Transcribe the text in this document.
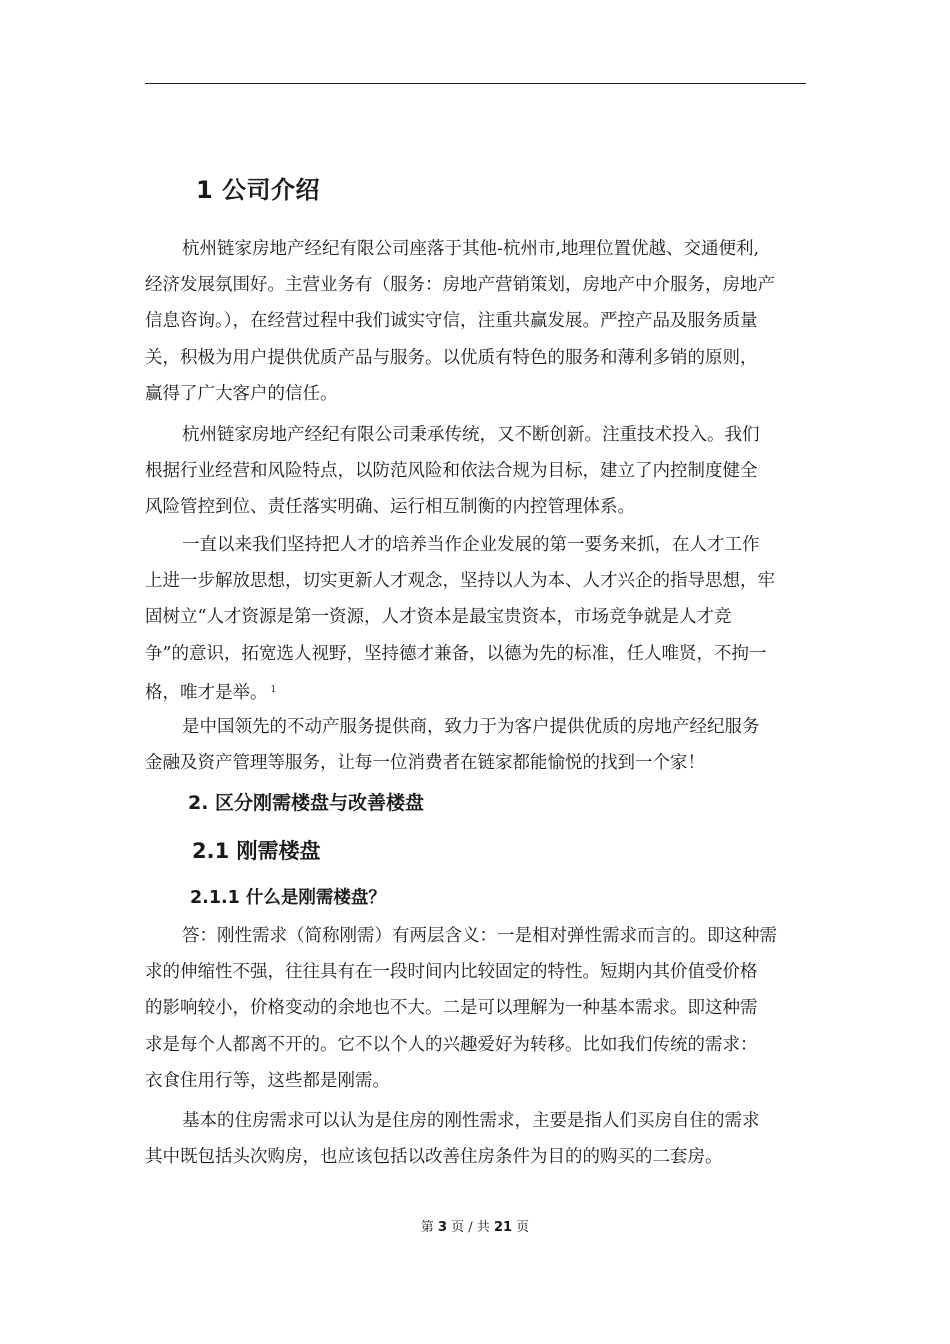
1 公司介绍
杭州链家房地产经纪有限公司座落于其他-杭州市,地理位置优越、交通便利,
经济发展氛围好。主营业务有（服务：房地产营销策划，房地产中介服务，房地产
信息咨询。），在经营过程中我们诚实守信，注重共赢发展。严控产品及服务质量
关，积极为用户提供优质产品与服务。以优质有特色的服务和薄利多销的原则，
赢得了广大客户的信任。
杭州链家房地产经纪有限公司秉承传统，又不断创新。注重技术投入。我们
根据行业经营和风险特点，以防范风险和依法合规为目标，建立了内控制度健全
风险管控到位、责任落实明确、运行相互制衡的内控管理体系。
一直以来我们坚持把人才的培养当作企业发展的第一要务来抓，在人才工作
上进一步解放思想，切实更新人才观念，坚持以人为本、人才兴企的指导思想，牢
固树立“人才资源是第一资源，人才资本是最宝贵资本，市场竞争就是人才竞
争”的意识，拓宽选人视野，坚持德才兼备，以德为先的标准，任人唯贤，不拘一
格，唯才是举。 $^1$
是中国领先的不动产服务提供商，致力于为客户提供优质的房地产经纪服务
金融及资产管理等服务，让每一位消费者在链家都能愉悦的找到一个家！
2. 区分刚需楼盘与改善楼盘
2.1 刚需楼盘
2.1.1 什么是刚需楼盘？
答：刚性需求（简称刚需）有两层含义：一是相对弹性需求而言的。即这种需
求的伸缩性不强，往往具有在一段时间内比较固定的特性。短期内其价值受价格
的影响较小，价格变动的余地也不大。二是可以理解为一种基本需求。即这种需
求是每个人都离不开的。它不以个人的兴趣爱好为转移。比如我们传统的需求：
衣食住用行等，这些都是刚需。
基本的住房需求可以认为是住房的刚性需求，主要是指人们买房自住的需求
其中既包括头次购房，也应该包括以改善住房条件为目的的购买的二套房。
第 3 页 / 共 21 页
